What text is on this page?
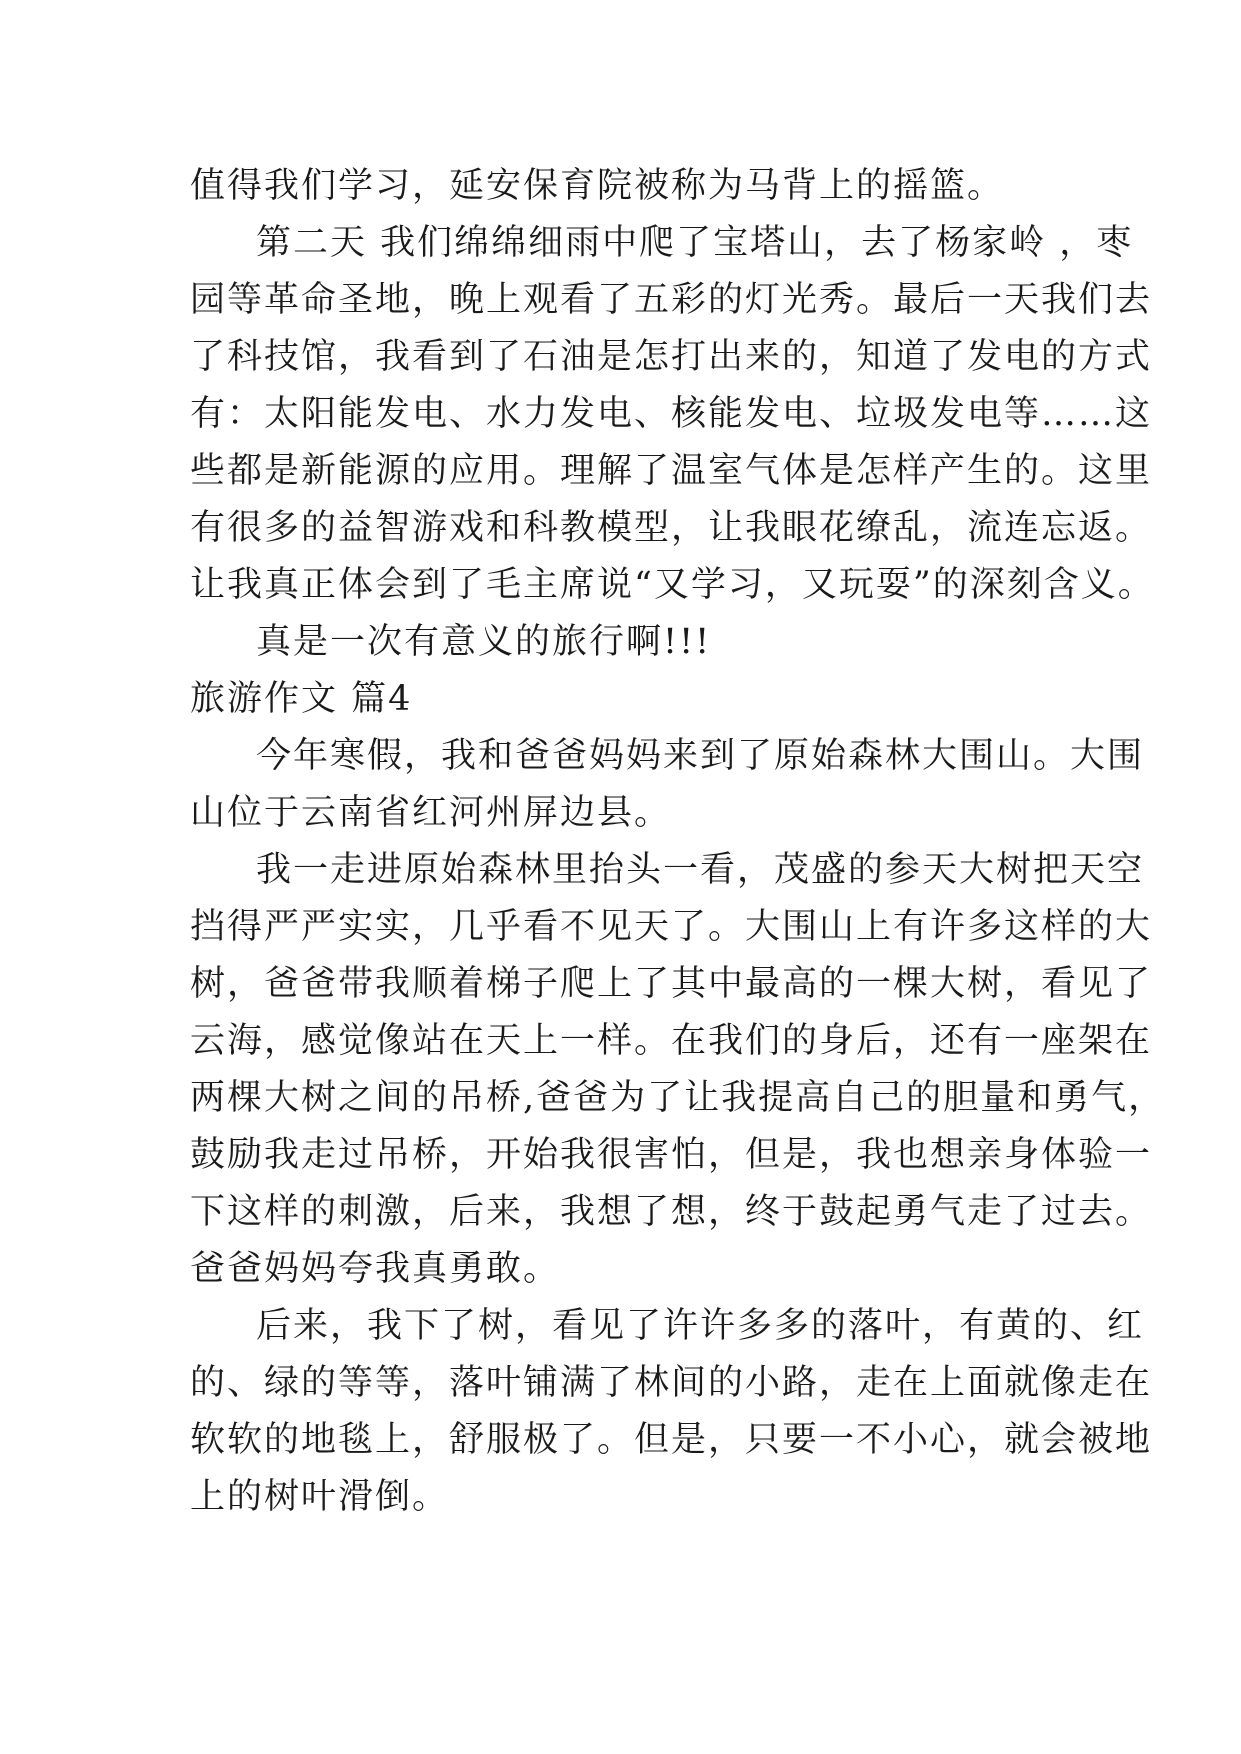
值得我们学习，延安保育院被称为马背上的摇篮。
第二天 我们绵绵细雨中爬了宝塔山，去了杨家岭 ，枣
园等革命圣地，晚上观看了五彩的灯光秀。最后一天我们去
了科技馆，我看到了石油是怎打出来的，知道了发电的方式
有：太阳能发电、水力发电、核能发电、垃圾发电等……这
些都是新能源的应用。理解了温室气体是怎样产生的。这里
有很多的益智游戏和科教模型，让我眼花缭乱，流连忘返。
让我真正体会到了毛主席说“又学习，又玩耍”的深刻含义。
真是一次有意义的旅行啊!!!
旅游作文 篇4
今年寒假，我和爸爸妈妈来到了原始森林大围山。大围
山位于云南省红河州屏边县。
我一走进原始森林里抬头一看，茂盛的参天大树把天空
挡得严严实实，几乎看不见天了。大围山上有许多这样的大
树，爸爸带我顺着梯子爬上了其中最高的一棵大树，看见了
云海，感觉像站在天上一样。在我们的身后，还有一座架在
两棵大树之间的吊桥,爸爸为了让我提高自己的胆量和勇气，
鼓励我走过吊桥，开始我很害怕，但是，我也想亲身体验一
下这样的刺激，后来，我想了想，终于鼓起勇气走了过去。
爸爸妈妈夸我真勇敢。
后来，我下了树，看见了许许多多的落叶，有黄的、红
的、绿的等等，落叶铺满了林间的小路，走在上面就像走在
软软的地毯上，舒服极了。但是，只要一不小心，就会被地
上的树叶滑倒。
